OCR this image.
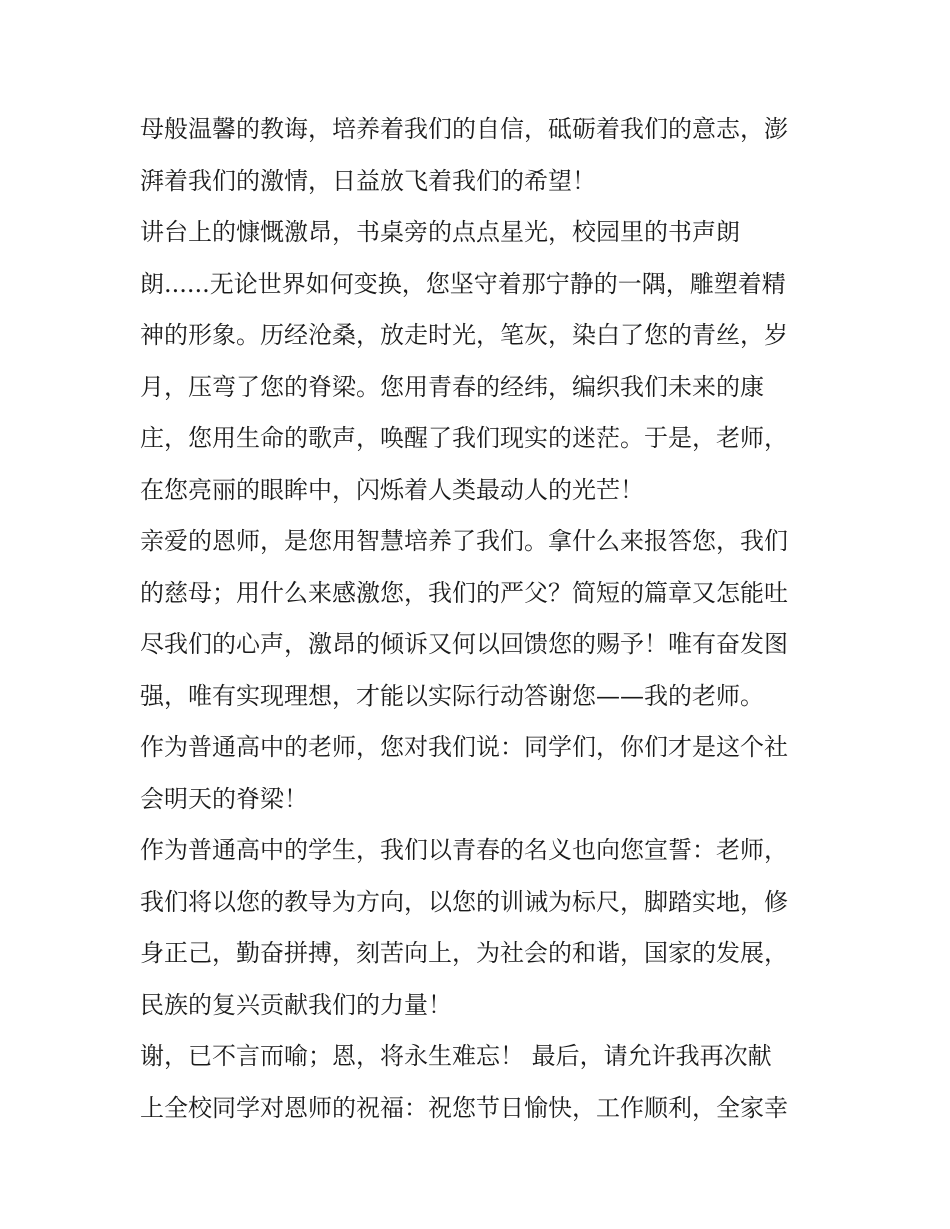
母般温馨的教诲，培养着我们的自信，砥砺着我们的意志，澎
湃着我们的激情，日益放飞着我们的希望！
讲台上的慷慨激昂，书桌旁的点点星光，校园里的书声朗
朗......无论世界如何变换，您坚守着那宁静的一隅，雕塑着精
神的形象。历经沧桑，放走时光，笔灰，染白了您的青丝，岁
月，压弯了您的脊梁。您用青春的经纬，编织我们未来的康
庄，您用生命的歌声，唤醒了我们现实的迷茫。于是，老师，
在您亮丽的眼眸中，闪烁着人类最动人的光芒！
亲爱的恩师，是您用智慧培养了我们。拿什么来报答您，我们
的慈母；用什么来感激您，我们的严父？简短的篇章又怎能吐
尽我们的心声，激昂的倾诉又何以回馈您的赐予！唯有奋发图
强，唯有实现理想，才能以实际行动答谢您——我的老师。
作为普通高中的老师，您对我们说：同学们，你们才是这个社
会明天的脊梁！
作为普通高中的学生，我们以青春的名义也向您宣誓：老师，
我们将以您的教导为方向，以您的训诫为标尺，脚踏实地，修
身正己，勤奋拼搏，刻苦向上，为社会的和谐，国家的发展，
民族的复兴贡献我们的力量！
谢，已不言而喻；恩，将永生难忘！ 最后，请允许我再次献
上全校同学对恩师的祝福：祝您节日愉快，工作顺利，全家幸
